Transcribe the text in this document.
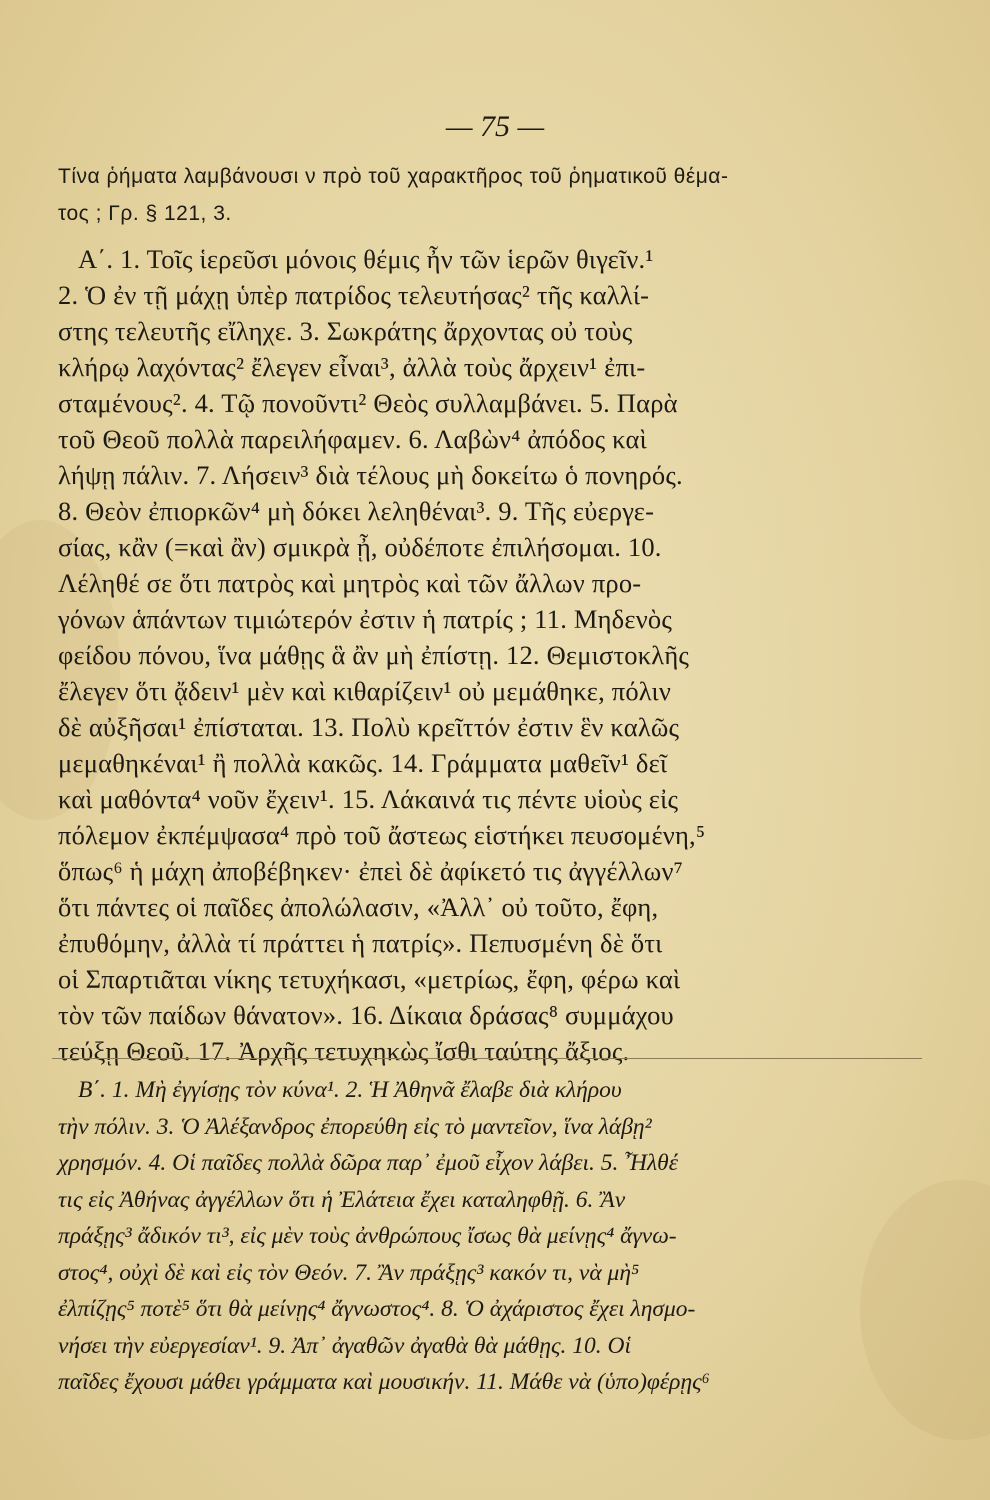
— 75 —
Τίνα ῥήματα λαμβάνουσι ν πρὸ τοῦ χαρακτῆρος τοῦ ῥηματικοῦ θέμα-
τος ; Γρ. § 121, 3.
Α΄. 1. Τοῖς ἱερεῦσι μόνοις θέμις ἦν τῶν ἱερῶν θιγεῖν.¹
2. Ὁ ἐν τῇ μάχῃ ὑπὲρ πατρίδος τελευτήσας² τῆς καλλί-
στης τελευτῆς εἴληχε. 3. Σωκράτης ἄρχοντας οὐ τοὺς
κλήρῳ λαχόντας² ἔλεγεν εἶναι³, ἀλλὰ τοὺς ἄρχειν¹ ἐπι-
σταμένους². 4. Τῷ πονοῦντι² Θεὸς συλλαμβάνει. 5. Παρὰ
τοῦ Θεοῦ πολλὰ παρειλήφαμεν. 6. Λαβὼν⁴ ἀπόδος καὶ
λήψῃ πάλιν. 7. Λήσειν³ διὰ τέλους μὴ δοκείτω ὁ πονηρός.
8. Θεὸν ἐπιορκῶν⁴ μὴ δόκει λεληθέναι³. 9. Τῆς εὐεργε-
σίας, κἂν (=καὶ ἂν) σμικρὰ ᾖ, οὐδέποτε ἐπιλήσομαι. 10.
Λέληθέ σε ὅτι πατρὸς καὶ μητρὸς καὶ τῶν ἄλλων προ-
γόνων ἁπάντων τιμιώτερόν ἐστιν ἡ πατρίς ; 11. Μηδενὸς
φείδου πόνου, ἵνα μάθῃς ἃ ἂν μὴ ἐπίστῃ. 12. Θεμιστοκλῆς
ἔλεγεν ὅτι ᾄδειν¹ μὲν καὶ κιθαρίζειν¹ οὐ μεμάθηκε, πόλιν
δὲ αὐξῆσαι¹ ἐπίσταται. 13. Πολὺ κρεῖττόν ἐστιν ἓν καλῶς
μεμαθηκέναι¹ ἢ πολλὰ κακῶς. 14. Γράμματα μαθεῖν¹ δεῖ
καὶ μαθόντα⁴ νοῦν ἔχειν¹. 15. Λάκαινά τις πέντε υἱοὺς εἰς
πόλεμον ἐκπέμψασα⁴ πρὸ τοῦ ἄστεως εἱστήκει πευσομένη,⁵
ὅπως⁶ ἡ μάχη ἀποβέβηκεν· ἐπεὶ δὲ ἀφίκετό τις ἀγγέλλων⁷
ὅτι πάντες οἱ παῖδες ἀπολώλασιν, «Ἀλλ᾿ οὐ τοῦτο, ἔφη,
ἐπυθόμην, ἀλλὰ τί πράττει ἡ πατρίς». Πεπυσμένη δὲ ὅτι
οἱ Σπαρτιᾶται νίκης τετυχήκασι, «μετρίως, ἔφη, φέρω καὶ
τὸν τῶν παίδων θάνατον». 16. Δίκαια δράσας⁸ συμμάχου
τεύξῃ Θεοῦ. 17. Ἀρχῆς τετυχηκὼς ἴσθι ταύτης ἄξιος.
Β΄. 1. Μὴ ἐγγίσῃς τὸν κύνα¹. 2. Ἡ Ἀθηνᾶ ἔλαβε διὰ κλήρου
τὴν πόλιν. 3. Ὁ Ἀλέξανδρος ἐπορεύθη εἰς τὸ μαντεῖον, ἵνα λάβῃ²
χρησμόν. 4. Οἱ παῖδες πολλὰ δῶρα παρ᾿ ἐμοῦ εἶχον λάβει. 5. Ἦλθέ
τις εἰς Ἀθήνας ἀγγέλλων ὅτι ἡ Ἐλάτεια ἔχει καταληφθῇ. 6. Ἂν
πράξῃς³ ἄδικόν τι³, εἰς μὲν τοὺς ἀνθρώπους ἴσως θὰ μείνῃς⁴ ἄγνω-
στος⁴, οὐχὶ δὲ καὶ εἰς τὸν Θεόν. 7. Ἂν πράξῃς³ κακόν τι, νὰ μὴ⁵
ἐλπίζῃς⁵ ποτὲ⁵ ὅτι θὰ μείνῃς⁴ ἄγνωστος⁴. 8. Ὁ ἀχάριστος ἔχει λησμο-
νήσει τὴν εὐεργεσίαν¹. 9. Ἀπ᾿ ἀγαθῶν ἀγαθὰ θὰ μάθῃς. 10. Οἱ
παῖδες ἔχουσι μάθει γράμματα καὶ μουσικήν. 11. Μάθε νὰ (ὑπο)φέρῃς⁶
